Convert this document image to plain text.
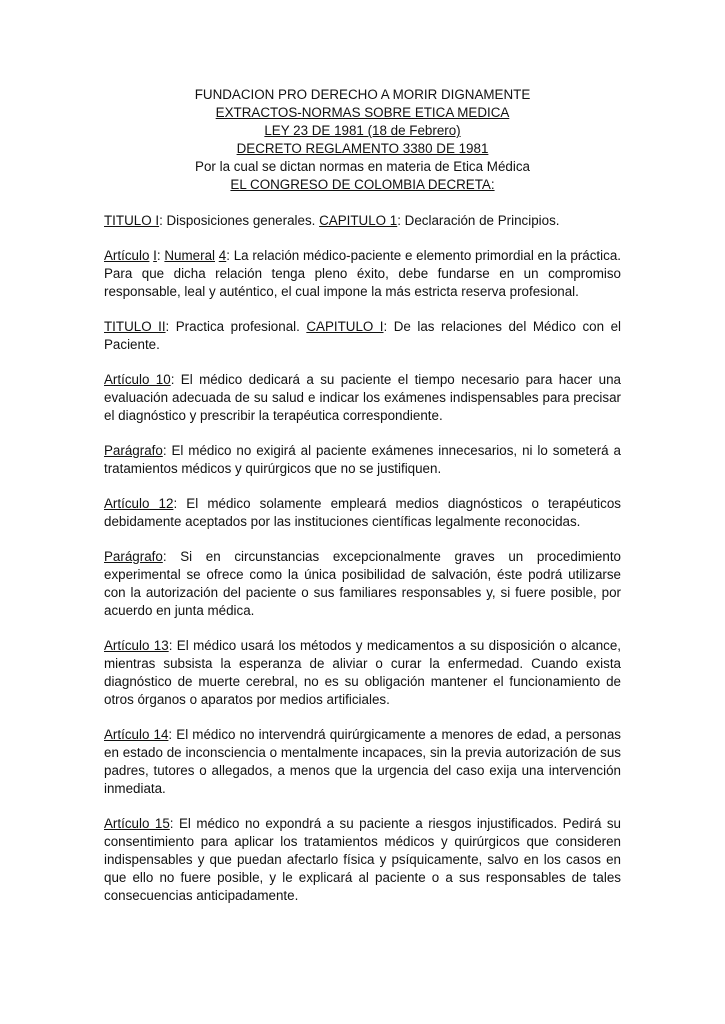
FUNDACION PRO DERECHO A MORIR DIGNAMENTE
EXTRACTOS-NORMAS SOBRE ETICA MEDICA
LEY 23 DE 1981 (18 de Febrero)
DECRETO REGLAMENTO 3380 DE 1981
Por la cual se dictan normas en materia de Etica Médica
EL CONGRESO DE COLOMBIA DECRETA:

TITULO I: Disposiciones generales. CAPITULO 1: Declaración de Principios.

Artículo I: Numeral 4: La relación médico-paciente e elemento primordial en la práctica. Para que dicha relación tenga pleno éxito, debe fundarse en un compromiso responsable, leal y auténtico, el cual impone la más estricta reserva profesional.

TITULO II: Practica profesional. CAPITULO I: De las relaciones del Médico con el Paciente.

Artículo 10: El médico dedicará a su paciente el tiempo necesario para hacer una evaluación adecuada de su salud e indicar los exámenes indispensables para precisar el diagnóstico y prescribir la terapéutica correspondiente.

Parágrafo: El médico no exigirá al paciente exámenes innecesarios, ni lo someterá a tratamientos médicos y quirúrgicos que no se justifiquen.

Artículo 12: El médico solamente empleará medios diagnósticos o terapéuticos debidamente aceptados por las instituciones científicas legalmente reconocidas.

Parágrafo: Si en circunstancias excepcionalmente graves un procedimiento experimental se ofrece como la única posibilidad de salvación, éste podrá utilizarse con la autorización del paciente o sus familiares responsables y, si fuere posible, por acuerdo en junta médica.

Artículo 13: El médico usará los métodos y medicamentos a su disposición o alcance, mientras subsista la esperanza de aliviar o curar la enfermedad. Cuando exista diagnóstico de muerte cerebral, no es su obligación mantener el funcionamiento de otros órganos o aparatos por medios artificiales.

Artículo 14: El médico no intervendrá quirúrgicamente a menores de edad, a personas en estado de inconsciencia o mentalmente incapaces, sin la previa autorización de sus padres, tutores o allegados, a menos que la urgencia del caso exija una intervención inmediata.

Artículo 15: El médico no expondrá a su paciente a riesgos injustificados. Pedirá su consentimiento para aplicar los tratamientos médicos y quirúrgicos que consideren indispensables y que puedan afectarlo física y psíquicamente, salvo en los casos en que ello no fuere posible, y le explicará al paciente o a sus responsables de tales consecuencias anticipadamente.
